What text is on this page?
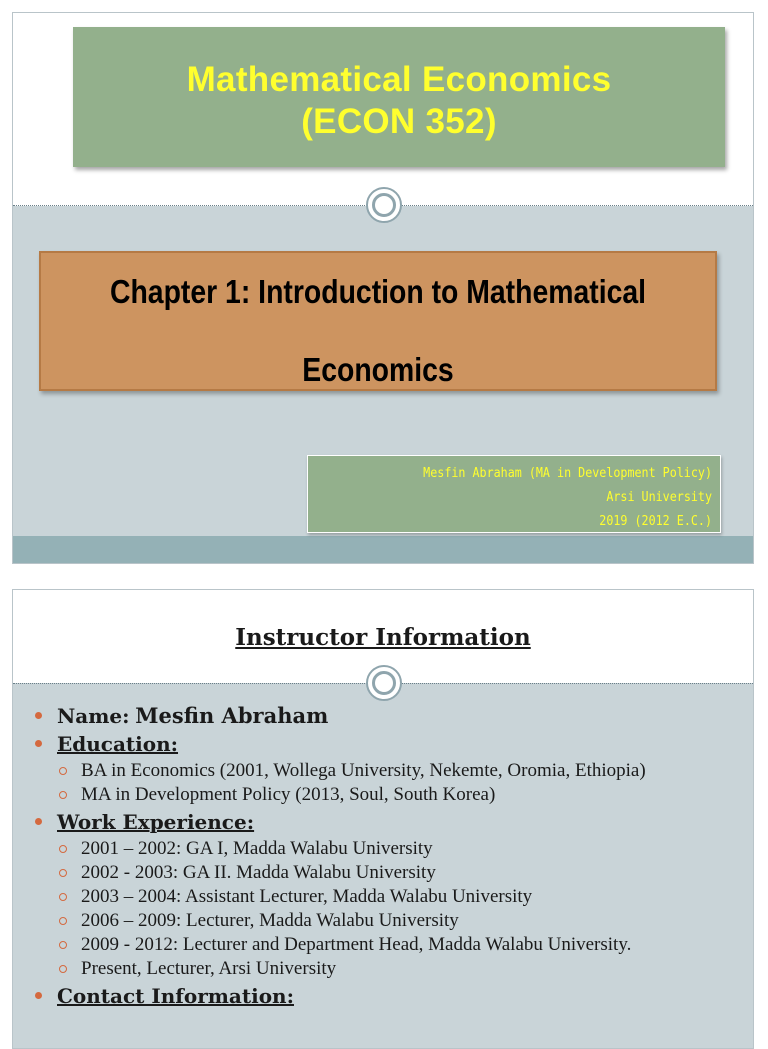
Mathematical Economics
(ECON 352)
Chapter 1: Introduction to Mathematical
Economics
Mesfin Abraham (MA in Development Policy)
Arsi University
2019 (2012 E.C.)
Instructor Information
Name: Mesfin Abraham
Education:
BA in Economics (2001, Wollega University, Nekemte, Oromia, Ethiopia)
MA in Development Policy (2013, Soul, South Korea)
Work Experience:
2001 – 2002: GA I, Madda Walabu University
2002 - 2003: GA II. Madda Walabu University
2003 – 2004: Assistant Lecturer, Madda Walabu University
2006 – 2009: Lecturer, Madda Walabu University
2009 - 2012: Lecturer and Department Head, Madda Walabu University.
Present, Lecturer, Arsi University
Contact Information:
